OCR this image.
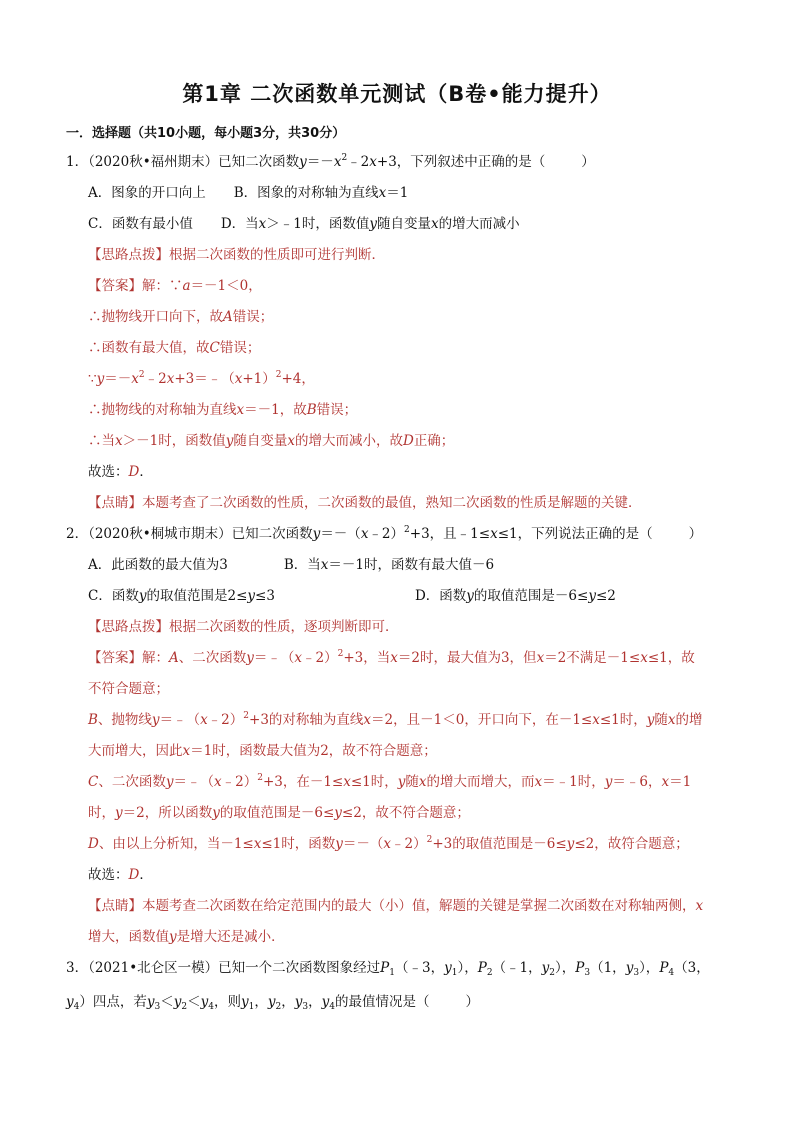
第1章 二次函数单元测试（B卷•能力提升）
一．选择题（共10小题，每小题3分，共30分）
1．（2020秋•福州期末）已知二次函数$y=-x^2﹣2x+3$，下列叙述中正确的是（	）
A．图象的开口向上 B．图象的对称轴为直线x＝1
C．函数有最小值 D．当x＞﹣1时，函数值y随自变量x的增大而减小
【思路点拨】根据二次函数的性质即可进行判断．
【答案】解：∵a＝－1＜0，
∴抛物线开口向下，故A错误；
∴函数有最大值，故C错误；
$\because y=-x^2﹣2x+3=﹣(x+1)^2+4$，
∴抛物线的对称轴为直线x＝－1，故B错误；
∴当x＞－1时，函数值y随自变量x的增大而减小，故D正确；
故选：D．
【点睛】本题考查了二次函数的性质，二次函数的最值，熟知二次函数的性质是解题的关键．
2．（2020秋•桐城市期末）已知二次函数y＝－（x﹣2）$^2$+3，且﹣1≤x≤1，下列说法正确的是（	）
A．此函数的最大值为3	B．当x＝－1时，函数有最大值－6
C．函数y的取值范围是2≤y≤3	D．函数y的取值范围是－6≤y≤2
【思路点拨】根据二次函数的性质，逐项判断即可．
【答案】解：A、二次函数y＝﹣（x﹣2）$^2$+3，当x＝2时，最大值为3，但x＝2不满足－1≤x≤1，故
不符合题意；
B、抛物线y＝﹣（x﹣2）$^2$+3的对称轴为直线x＝2，且－1＜0，开口向下，在－1≤x≤1时，y随x的增
大而增大，因此x＝1时，函数最大值为2，故不符合题意；
C、二次函数y＝﹣（x﹣2）$^2$+3，在－1≤x≤1时，y随x的增大而增大，而x＝﹣1时，y＝﹣6，x＝1
时，y＝2，所以函数y的取值范围是－6≤y≤2，故不符合题意；
D、由以上分析知，当－1≤x≤1时，函数y＝－（x﹣2）$^2$+3的取值范围是－6≤y≤2，故符合题意；
故选：D．
【点睛】本题考查二次函数在给定范围内的最大（小）值，解题的关键是掌握二次函数在对称轴两侧，x
增大，函数值y是增大还是减小．
3．（2021•北仑区一模）已知一个二次函数图象经过$P_1(﹣3$，$y_1$），$P_2(﹣1$，$y_2$），$P_3(1$，$y_3$），$P_4(3$，
$y_4$）四点，若$y_3<y_2<y_4$，则$y_1$，$y_2$，$y_3$，$y_4$的最值情况是（	）
